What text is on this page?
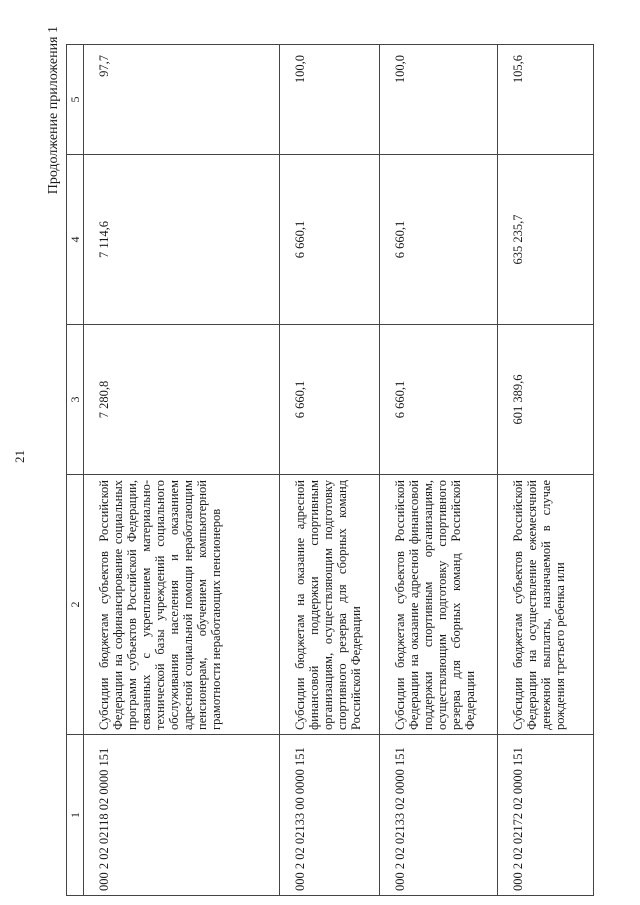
21
Продолжение приложения 1
1	2	3	4	5
000 2 02 02118 02 0000 151	Субсидии бюджетам субъектов Российской Федерации на софинансирование социальных программ субъектов Российской Федерации, связанных с укреплением материально-технической базы учреждений социального обслуживания населения и оказанием адресной социальной помощи неработающим пенсионерам, обучением компьютерной грамотности неработающих пенсионеров	7 280,8	7 114,6	97,7
000 2 02 02133 00 0000 151	Субсидии бюджетам на оказание адресной финансовой поддержки спортивным организациям, осуществляющим подготовку спортивного резерва для сборных команд Российской Федерации	6 660,1	6 660,1	100,0
000 2 02 02133 02 0000 151	Субсидии бюджетам субъектов Российской Федерации на оказание адресной финансовой поддержки спортивным организациям, осуществляющим подготовку спортивного резерва для сборных команд Российской Федерации	6 660,1	6 660,1	100,0
000 2 02 02172 02 0000 151	Субсидии бюджетам субъектов Российской Федерации на осуществление ежемесячной денежной выплаты, назначаемой в случае рождения третьего ребенка или	601 389,6	635 235,7	105,6
